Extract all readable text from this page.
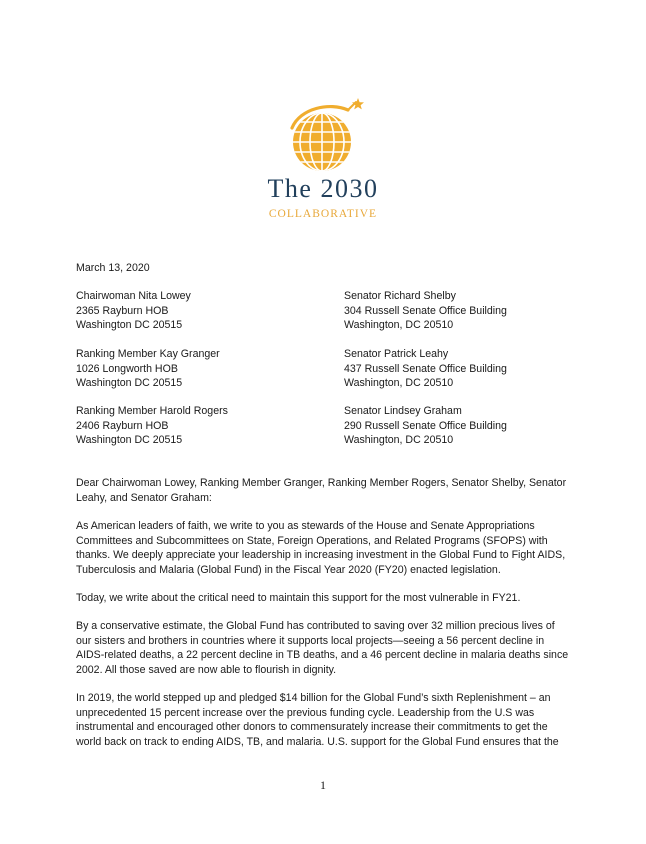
The 2030
COLLABORATIVE
March 13, 2020
Chairwoman Nita Lowey
2365 Rayburn HOB
Washington DC 20515
Ranking Member Kay Granger
1026 Longworth HOB
Washington DC 20515
Ranking Member Harold Rogers
2406 Rayburn HOB
Washington DC 20515
Senator Richard Shelby
304 Russell Senate Office Building
Washington, DC 20510
Senator Patrick Leahy
437 Russell Senate Office Building
Washington, DC 20510
Senator Lindsey Graham
290 Russell Senate Office Building
Washington, DC 20510
Dear Chairwoman Lowey, Ranking Member Granger, Ranking Member Rogers, Senator Shelby, Senator
Leahy, and Senator Graham:
As American leaders of faith, we write to you as stewards of the House and Senate Appropriations
Committees and Subcommittees on State, Foreign Operations, and Related Programs (SFOPS) with
thanks. We deeply appreciate your leadership in increasing investment in the Global Fund to Fight AIDS,
Tuberculosis and Malaria (Global Fund) in the Fiscal Year 2020 (FY20) enacted legislation.
Today, we write about the critical need to maintain this support for the most vulnerable in FY21.
By a conservative estimate, the Global Fund has contributed to saving over 32 million precious lives of
our sisters and brothers in countries where it supports local projects—seeing a 56 percent decline in
AIDS-related deaths, a 22 percent decline in TB deaths, and a 46 percent decline in malaria deaths since
2002. All those saved are now able to flourish in dignity.
In 2019, the world stepped up and pledged $14 billion for the Global Fund’s sixth Replenishment – an
unprecedented 15 percent increase over the previous funding cycle. Leadership from the U.S was
instrumental and encouraged other donors to commensurately increase their commitments to get the
world back on track to ending AIDS, TB, and malaria. U.S. support for the Global Fund ensures that the
1
